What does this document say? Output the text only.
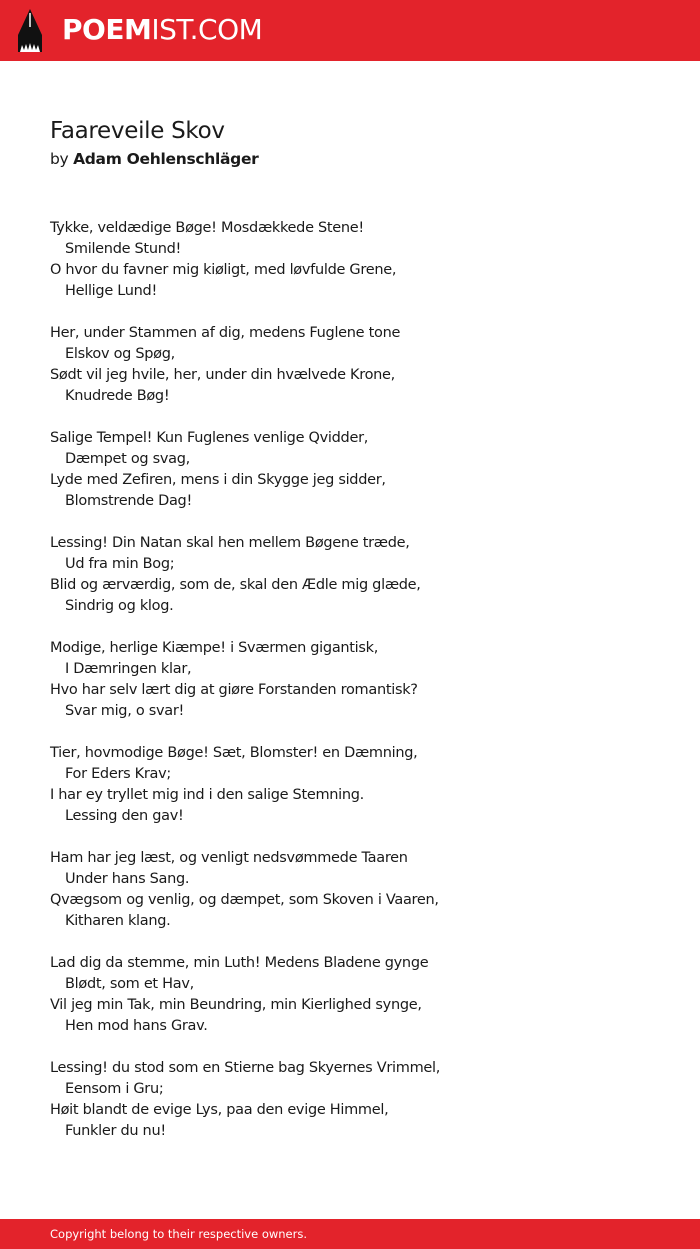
POEMIST.COM
Faareveile Skov
by Adam Oehlenschläger
Tykke, veldædige Bøge! Mosdækkede Stene!
Smilende Stund!
O hvor du favner mig kiøligt, med løvfulde Grene,
Hellige Lund!
Her, under Stammen af dig, medens Fuglene tone
Elskov og Spøg,
Sødt vil jeg hvile, her, under din hvælvede Krone,
Knudrede Bøg!
Salige Tempel! Kun Fuglenes venlige Qvidder,
Dæmpet og svag,
Lyde med Zefiren, mens i din Skygge jeg sidder,
Blomstrende Dag!
Lessing! Din Natan skal hen mellem Bøgene træde,
Ud fra min Bog;
Blid og ærværdig, som de, skal den Ædle mig glæde,
Sindrig og klog.
Modige, herlige Kiæmpe! i Sværmen gigantisk,
I Dæmringen klar,
Hvo har selv lært dig at giøre Forstanden romantisk?
Svar mig, o svar!
Tier, hovmodige Bøge! Sæt, Blomster! en Dæmning,
For Eders Krav;
I har ey tryllet mig ind i den salige Stemning.
Lessing den gav!
Ham har jeg læst, og venligt nedsvømmede Taaren
Under hans Sang.
Qvægsom og venlig, og dæmpet, som Skoven i Vaaren,
Kitharen klang.
Lad dig da stemme, min Luth! Medens Bladene gynge
Blødt, som et Hav,
Vil jeg min Tak, min Beundring, min Kierlighed synge,
Hen mod hans Grav.
Lessing! du stod som en Stierne bag Skyernes Vrimmel,
Eensom i Gru;
Høit blandt de evige Lys, paa den evige Himmel,
Funkler du nu!
Copyright belong to their respective owners.
